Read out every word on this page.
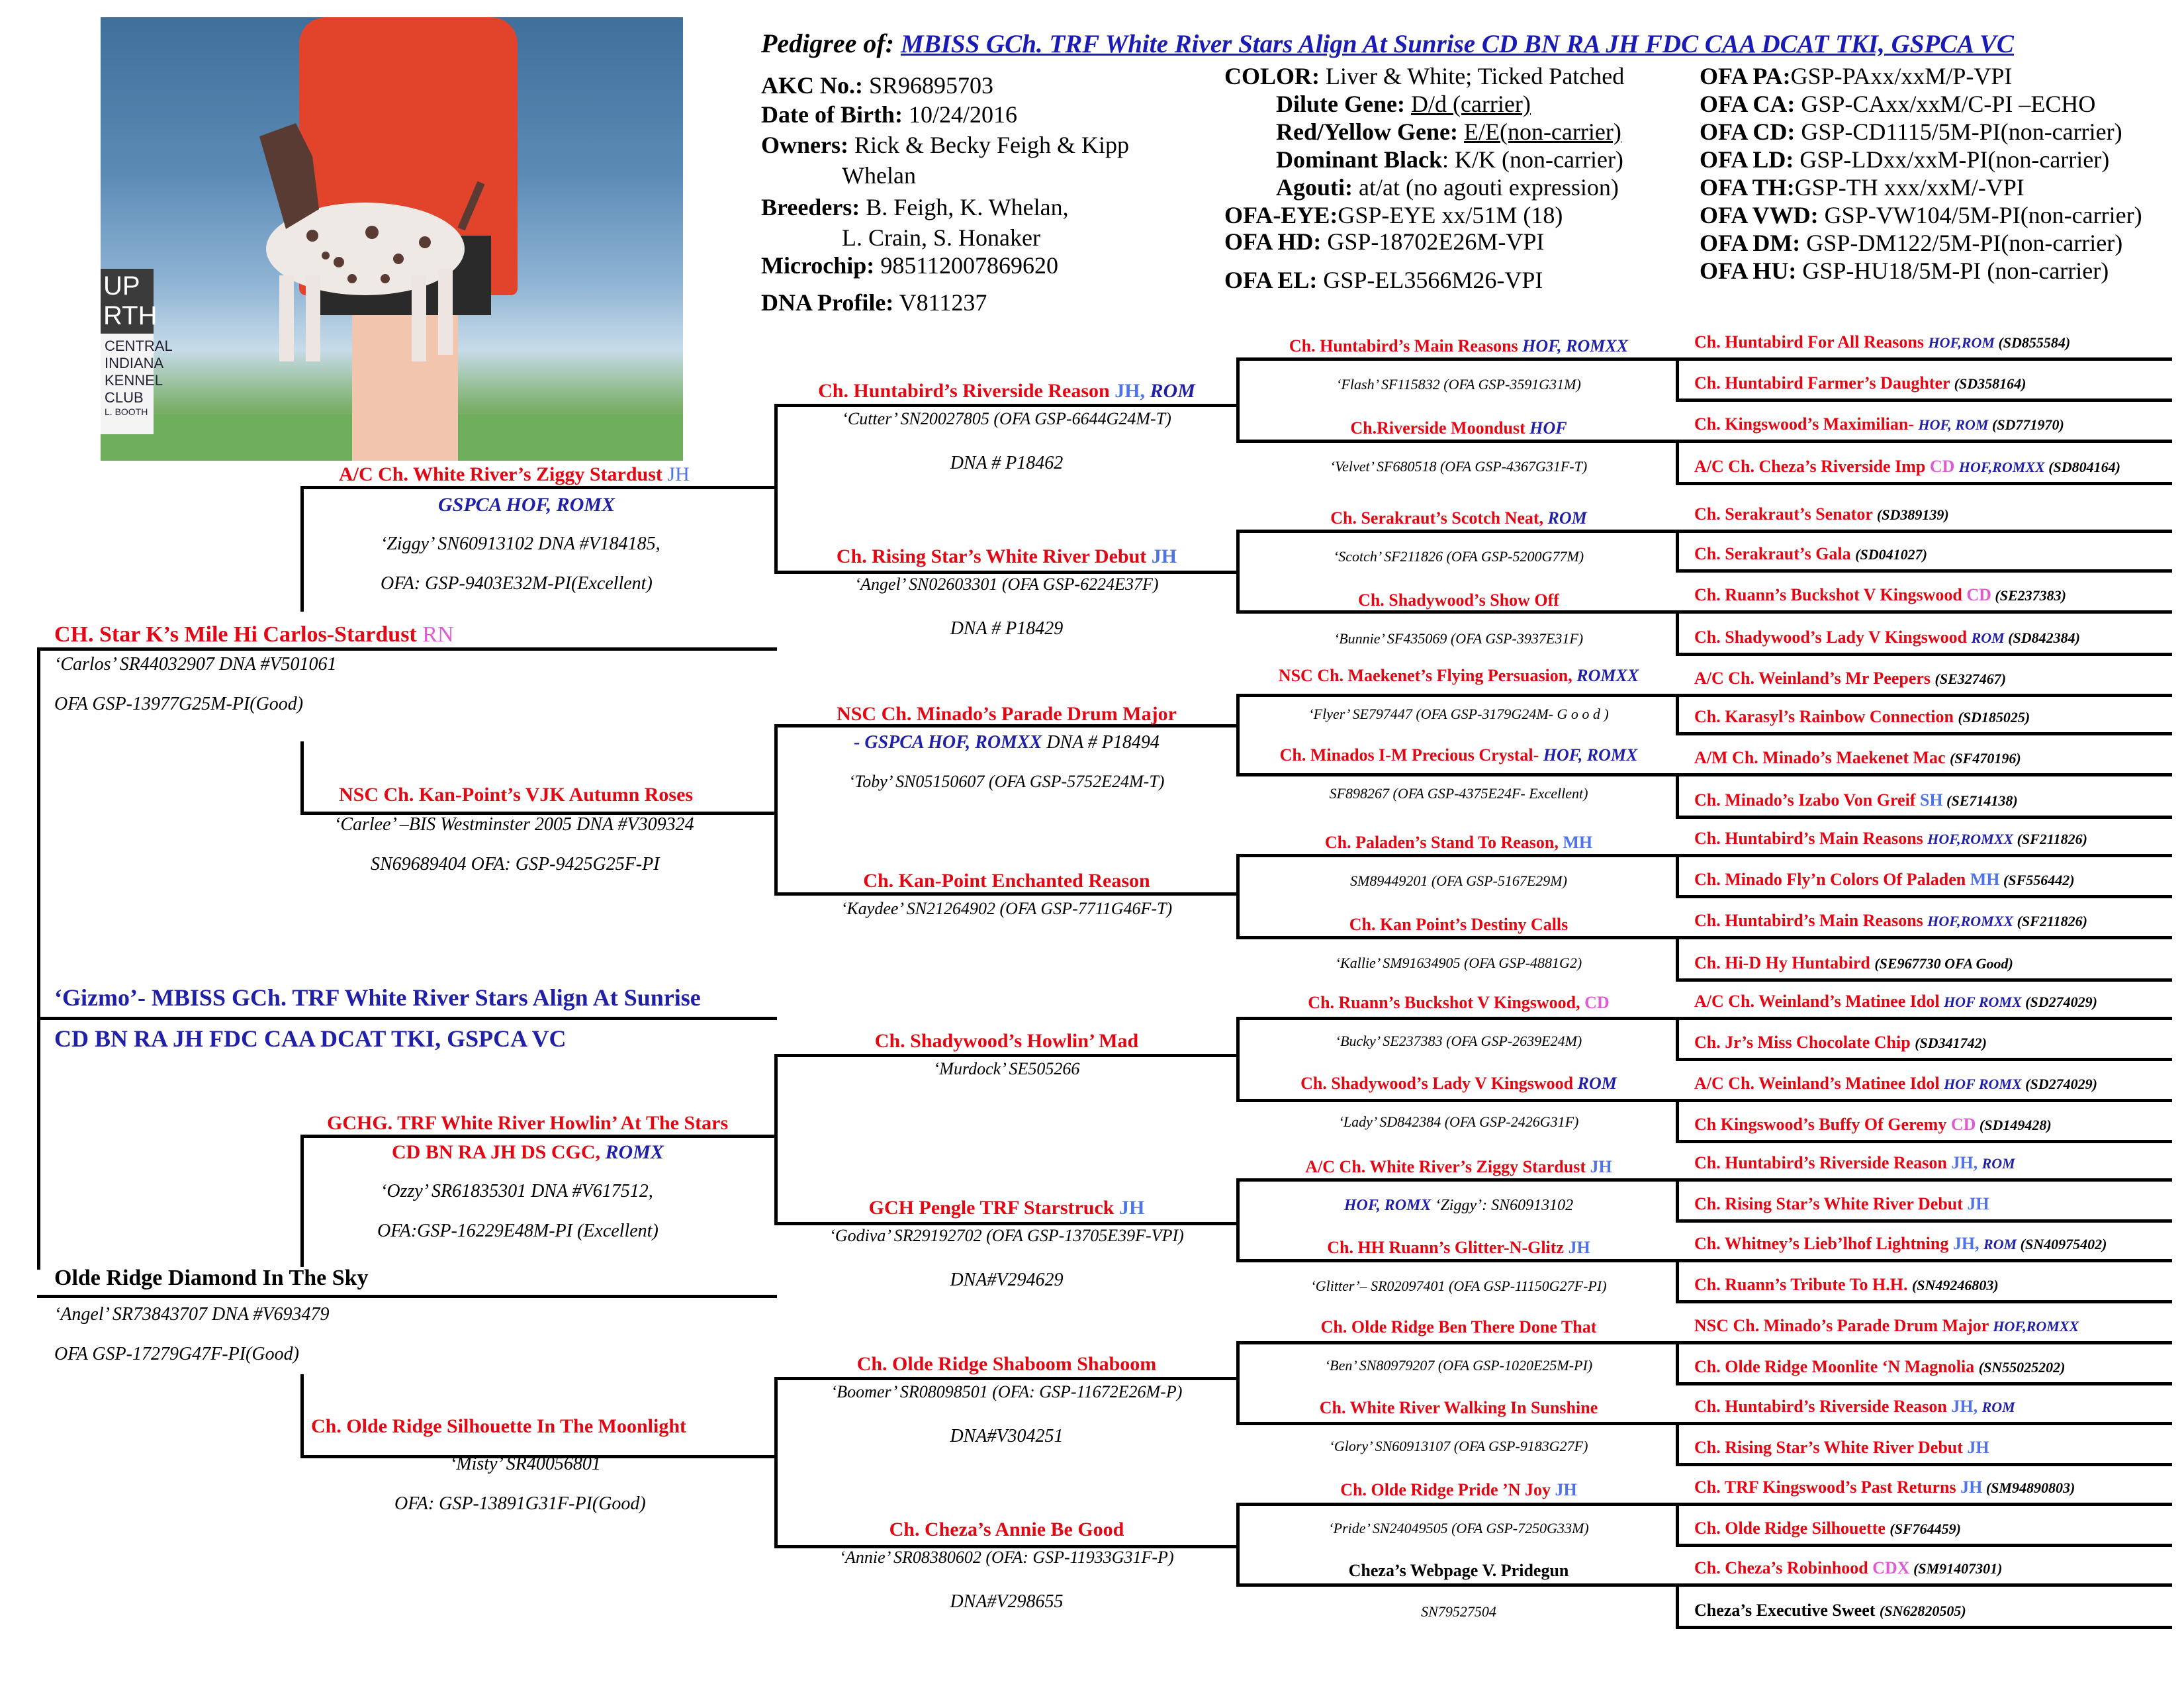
UP RTH
CENTRAL
INDIANA
KENNEL
CLUB
L. BOOTH
Pedigree of: MBISS GCh. TRF White River Stars Align At Sunrise CD BN RA JH FDC CAA DCAT TKI, GSPCA VC
AKC No.: SR96895703
Date of Birth: 10/24/2016
Owners: Rick & Becky Feigh & Kipp
Whelan
Breeders: B. Feigh, K. Whelan,
L. Crain, S. Honaker
Microchip: 985112007869620
DNA Profile: V811237
COLOR: Liver & White; Ticked Patched
Dilute Gene: D/d (carrier)
Red/Yellow Gene: E/E(non-carrier)
Dominant Black: K/K (non-carrier)
Agouti: at/at (no agouti expression)
OFA-EYE:GSP-EYE xx/51M (18)
OFA HD: GSP-18702E26M-VPI
OFA EL: GSP-EL3566M26-VPI
OFA PA:GSP-PAxx/xxM/P-VPI
OFA CA: GSP-CAxx/xxM/C-PI –ECHO
OFA CD: GSP-CD1115/5M-PI(non-carrier)
OFA LD: GSP-LDxx/xxM-PI(non-carrier)
OFA TH:GSP-TH xxx/xxM/-VPI
OFA VWD: GSP-VW104/5M-PI(non-carrier)
OFA DM: GSP-DM122/5M-PI(non-carrier)
OFA HU: GSP-HU18/5M-PI (non-carrier)
‘Gizmo’- MBISS GCh. TRF White River Stars Align At Sunrise
CD BN RA JH FDC CAA DCAT TKI, GSPCA VC
CH. Star K’s Mile Hi Carlos-Stardust RN
‘Carlos’ SR44032907 DNA #V501061
OFA GSP-13977G25M-PI(Good)
Olde Ridge Diamond In The Sky
‘Angel’ SR73843707 DNA #V693479
OFA GSP-17279G47F-PI(Good)
A/C Ch. White River’s Ziggy Stardust JH
GSPCA HOF, ROMX
‘Ziggy’ SN60913102 DNA #V184185,
OFA: GSP-9403E32M-PI(Excellent)
NSC Ch. Kan-Point’s VJK Autumn Roses
‘Carlee’ –BIS Westminster 2005 DNA #V309324
SN69689404 OFA: GSP-9425G25F-PI
GCHG. TRF White River Howlin’ At The Stars
CD BN RA JH DS CGC, ROMX
‘Ozzy’ SR61835301 DNA #V617512,
OFA:GSP-16229E48M-PI (Excellent)
Ch. Olde Ridge Silhouette In The Moonlight
‘Misty’ SR40056801
OFA: GSP-13891G31F-PI(Good)
Ch. Huntabird’s Riverside Reason JH, ROM
‘Cutter’ SN20027805 (OFA GSP-6644G24M-T)
DNA # P18462
Ch. Rising Star’s White River Debut JH
‘Angel’ SN02603301 (OFA GSP-6224E37F)
DNA # P18429
NSC Ch. Minado’s Parade Drum Major
- GSPCA HOF, ROMXX DNA # P18494
‘Toby’ SN05150607 (OFA GSP-5752E24M-T)
Ch. Kan-Point Enchanted Reason
‘Kaydee’ SN21264902 (OFA GSP-7711G46F-T)
Ch. Shadywood’s Howlin’ Mad
‘Murdock’ SE505266
GCH Pengle TRF Starstruck JH
‘Godiva’ SR29192702 (OFA GSP-13705E39F-VPI)
DNA#V294629
Ch. Olde Ridge Shaboom Shaboom
‘Boomer’ SR08098501 (OFA: GSP-11672E26M-P)
DNA#V304251
Ch. Cheza’s Annie Be Good
‘Annie’ SR08380602 (OFA: GSP-11933G31F-P)
DNA#V298655
Ch. Huntabird’s Main Reasons HOF, ROMXX
‘Flash’ SF115832 (OFA GSP-3591G31M)
Ch.Riverside Moondust HOF
‘Velvet’ SF680518 (OFA GSP-4367G31F-T)
Ch. Serakraut’s Scotch Neat, ROM
‘Scotch’ SF211826 (OFA GSP-5200G77M)
Ch. Shadywood’s Show Off
‘Bunnie’ SF435069 (OFA GSP-3937E31F)
NSC Ch. Maekenet’s Flying Persuasion, ROMXX
‘Flyer’ SE797447 (OFA GSP-3179G24M- G o o d )
Ch. Minados I-M Precious Crystal- HOF, ROMX
SF898267 (OFA GSP-4375E24F- Excellent)
Ch. Paladen’s Stand To Reason, MH
SM89449201 (OFA GSP-5167E29M)
Ch. Kan Point’s Destiny Calls
‘Kallie’ SM91634905 (OFA GSP-4881G2)
Ch. Ruann’s Buckshot V Kingswood, CD
‘Bucky’ SE237383 (OFA GSP-2639E24M)
Ch. Shadywood’s Lady V Kingswood ROM
‘Lady’ SD842384 (OFA GSP-2426G31F)
A/C Ch. White River’s Ziggy Stardust JH
HOF, ROMX ‘Ziggy’: SN60913102
Ch. HH Ruann’s Glitter-N-Glitz JH
‘Glitter’– SR02097401 (OFA GSP-11150G27F-PI)
Ch. Olde Ridge Ben There Done That
‘Ben’ SN80979207 (OFA GSP-1020E25M-PI)
Ch. White River Walking In Sunshine
‘Glory’ SN60913107 (OFA GSP-9183G27F)
Ch. Olde Ridge Pride ’N Joy JH
‘Pride’ SN24049505 (OFA GSP-7250G33M)
Cheza’s Webpage V. Pridegun
SN79527504
Ch. Huntabird For All Reasons HOF,ROM (SD855584)
Ch. Huntabird Farmer’s Daughter (SD358164)
Ch. Kingswood’s Maximilian- HOF, ROM (SD771970)
A/C Ch. Cheza’s Riverside Imp CD HOF,ROMXX (SD804164)
Ch. Serakraut’s Senator (SD389139)
Ch. Serakraut’s Gala (SD041027)
Ch. Ruann’s Buckshot V Kingswood CD (SE237383)
Ch. Shadywood’s Lady V Kingswood ROM (SD842384)
A/C Ch. Weinland’s Mr Peepers (SE327467)
Ch. Karasyl’s Rainbow Connection (SD185025)
A/M Ch. Minado’s Maekenet Mac (SF470196)
Ch. Minado’s Izabo Von Greif SH (SE714138)
Ch. Huntabird’s Main Reasons HOF,ROMXX (SF211826)
Ch. Minado Fly’n Colors Of Paladen MH (SF556442)
Ch. Huntabird’s Main Reasons HOF,ROMXX (SF211826)
Ch. Hi-D Hy Huntabird (SE967730 OFA Good)
A/C Ch. Weinland’s Matinee Idol HOF ROMX (SD274029)
Ch. Jr’s Miss Chocolate Chip (SD341742)
A/C Ch. Weinland’s Matinee Idol HOF ROMX (SD274029)
Ch Kingswood’s Buffy Of Geremy CD (SD149428)
Ch. Huntabird’s Riverside Reason JH, ROM
Ch. Rising Star’s White River Debut JH
Ch. Whitney’s Lieb’lhof Lightning JH, ROM (SN40975402)
Ch. Ruann’s Tribute To H.H. (SN49246803)
NSC Ch. Minado’s Parade Drum Major HOF,ROMXX
Ch. Olde Ridge Moonlite ‘N Magnolia (SN55025202)
Ch. Huntabird’s Riverside Reason JH, ROM
Ch. Rising Star’s White River Debut JH
Ch. TRF Kingswood’s Past Returns JH (SM94890803)
Ch. Olde Ridge Silhouette (SF764459)
Ch. Cheza’s Robinhood CDX (SM91407301)
Cheza’s Executive Sweet (SN62820505)
